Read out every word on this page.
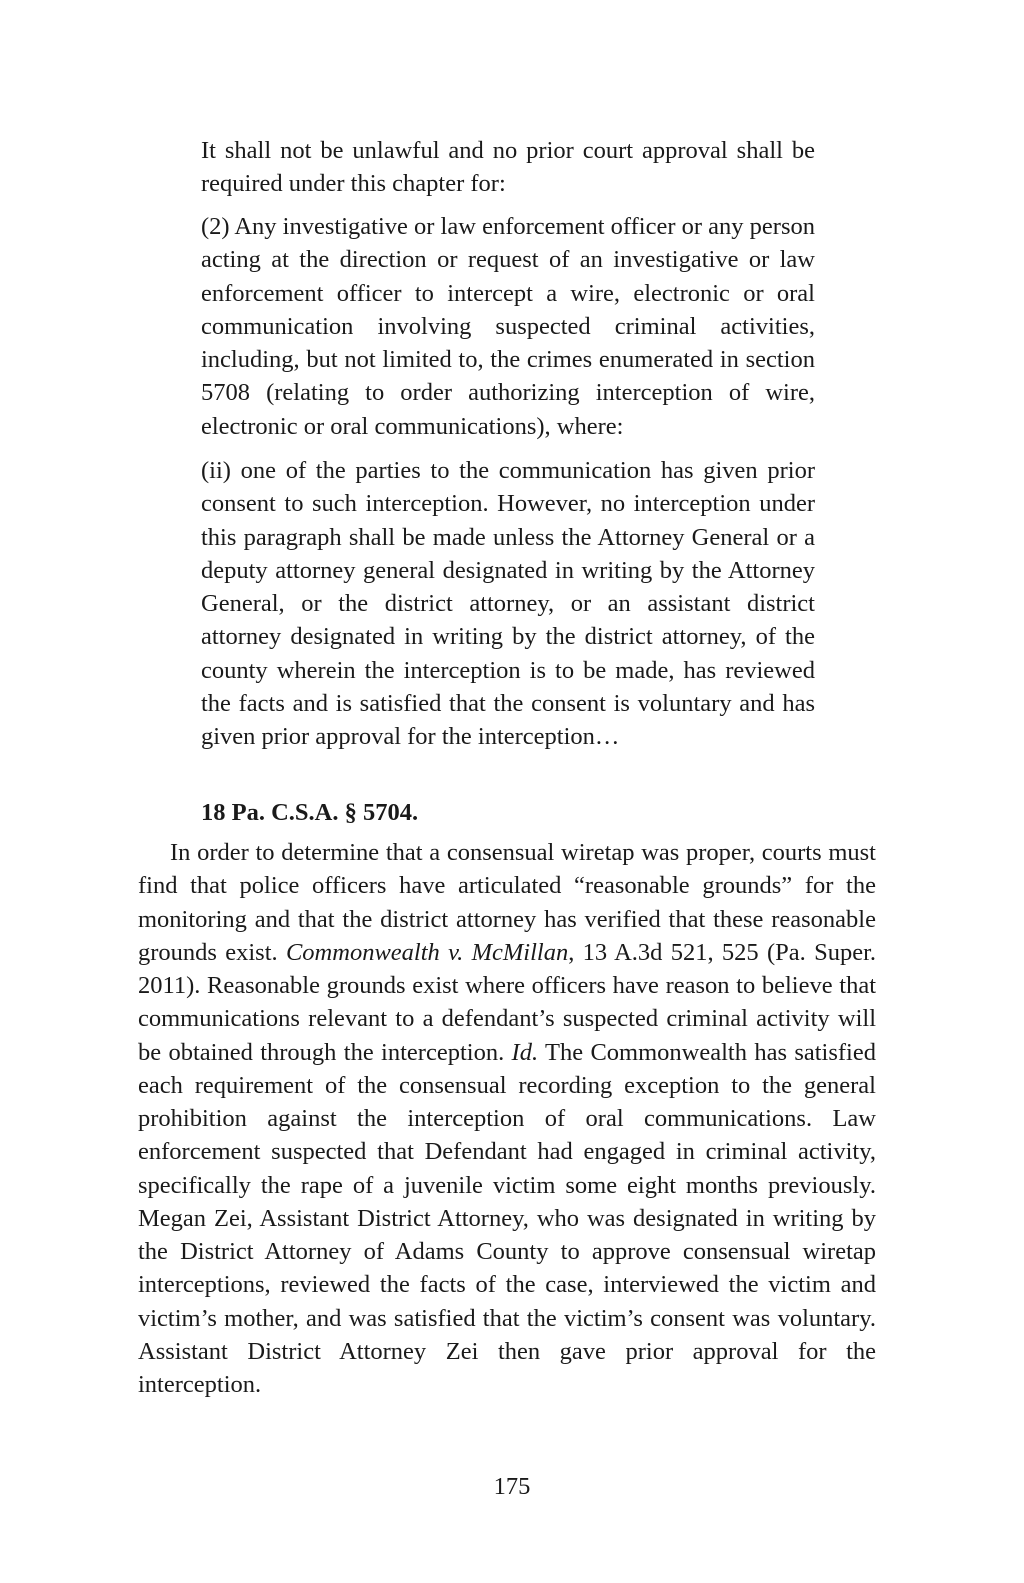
It shall not be unlawful and no prior court approval shall be required under this chapter for:

(2) Any investigative or law enforcement officer or any person acting at the direction or request of an investigative or law enforcement officer to intercept a wire, electronic or oral communication involving suspected criminal activities, including, but not limited to, the crimes enumerated in section 5708 (relating to order authorizing interception of wire, electronic or oral communications), where:

(ii) one of the parties to the communication has given prior consent to such interception. However, no interception under this paragraph shall be made unless the Attorney General or a deputy attorney general designated in writing by the Attorney General, or the district attorney, or an assistant district attorney designated in writing by the district attorney, of the county wherein the interception is to be made, has reviewed the facts and is satisfied that the consent is voluntary and has given prior approval for the interception…

18 Pa. C.S.A. § 5704.

In order to determine that a consensual wiretap was proper, courts must find that police officers have articulated “reasonable grounds” for the monitoring and that the district attorney has verified that these reasonable grounds exist. Commonwealth v. McMillan, 13 A.3d 521, 525 (Pa. Super. 2011). Reasonable grounds exist where officers have reason to believe that communications relevant to a defendant’s suspected criminal activity will be obtained through the interception. Id. The Commonwealth has satisfied each requirement of the consensual recording exception to the general prohibition against the interception of oral communications. Law enforcement suspected that Defendant had engaged in criminal activity, specifically the rape of a juvenile victim some eight months previously. Megan Zei, Assistant District Attorney, who was designated in writing by the District Attorney of Adams County to approve consensual wiretap interceptions, reviewed the facts of the case, interviewed the victim and victim’s mother, and was satisfied that the victim’s consent was voluntary. Assistant District Attorney Zei then gave prior approval for the interception.

175
